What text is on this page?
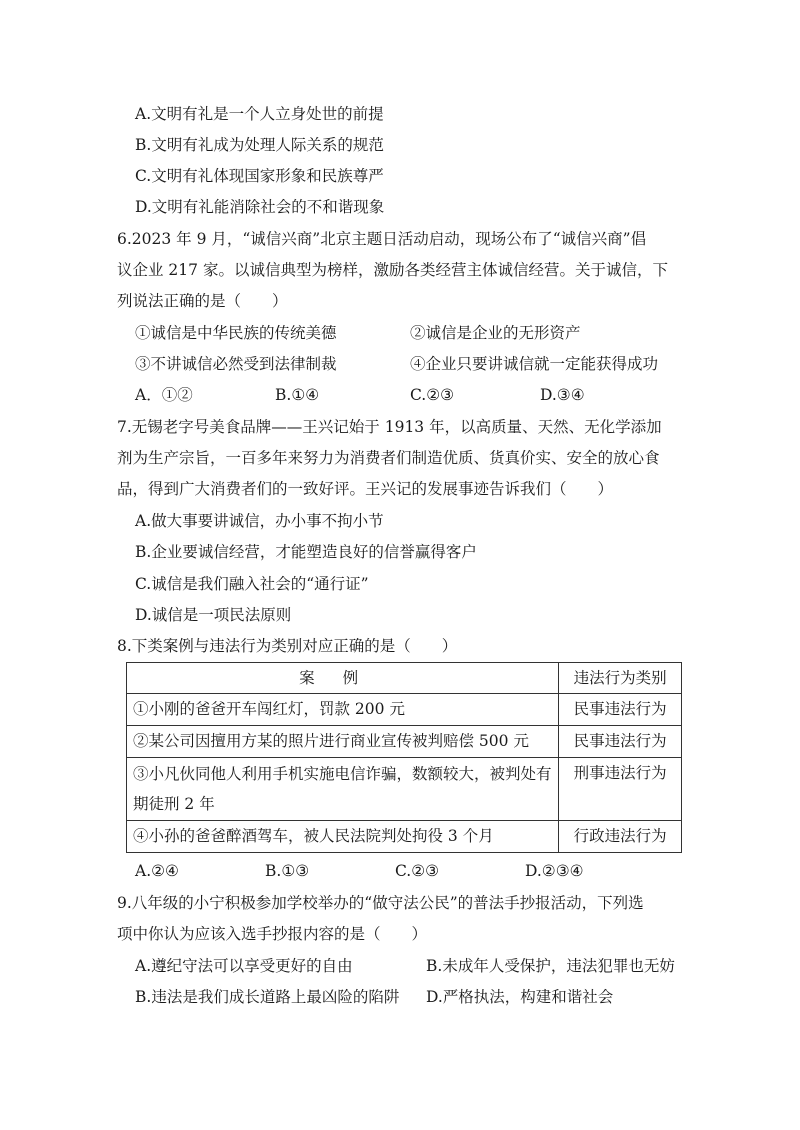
A.文明有礼是一个人立身处世的前提
B.文明有礼成为处理人际关系的规范
C.文明有礼体现国家形象和民族尊严
D.文明有礼能消除社会的不和谐现象
6.2023 年 9 月，“诚信兴商”北京主题日活动启动，现场公布了“诚信兴商”倡
议企业 217 家。以诚信典型为榜样，激励各类经营主体诚信经营。关于诚信，下
列说法正确的是（　　）
①诚信是中华民族的传统美德	②诚信是企业的无形资产
③不讲诚信必然受到法律制裁	④企业只要讲诚信就一定能获得成功
A．①②	B.①④	C.②③	D.③④
7.无锡老字号美食品牌——王兴记始于 1913 年，以高质量、天然、无化学添加
剂为生产宗旨，一百多年来努力为消费者们制造优质、货真价实、安全的放心食
品，得到广大消费者们的一致好评。王兴记的发展事迹告诉我们（　　）
A.做大事要讲诚信，办小事不拘小节
B.企业要诚信经营，才能塑造良好的信誉赢得客户
C.诚信是我们融入社会的“通行证”
D.诚信是一项民法原则
8.下类案例与违法行为类别对应正确的是（　　）
案例	违法行为类别
①小刚的爸爸开车闯红灯，罚款 200 元	民事违法行为
②某公司因擅用方某的照片进行商业宣传被判赔偿 500 元	民事违法行为
③小凡伙同他人利用手机实施电信诈骗，数额较大，被判处有期徒刑 2 年	刑事违法行为
④小孙的爸爸醉酒驾车，被人民法院判处拘役 3 个月	行政违法行为
A.②④	B.①③	C.②③	D.②③④
9.八年级的小宁积极参加学校举办的“做守法公民”的普法手抄报活动，下列选
项中你认为应该入选手抄报内容的是（　　）
A.遵纪守法可以享受更好的自由	B.未成年人受保护，违法犯罪也无妨
B.违法是我们成长道路上最凶险的陷阱 D.严格执法，构建和谐社会
